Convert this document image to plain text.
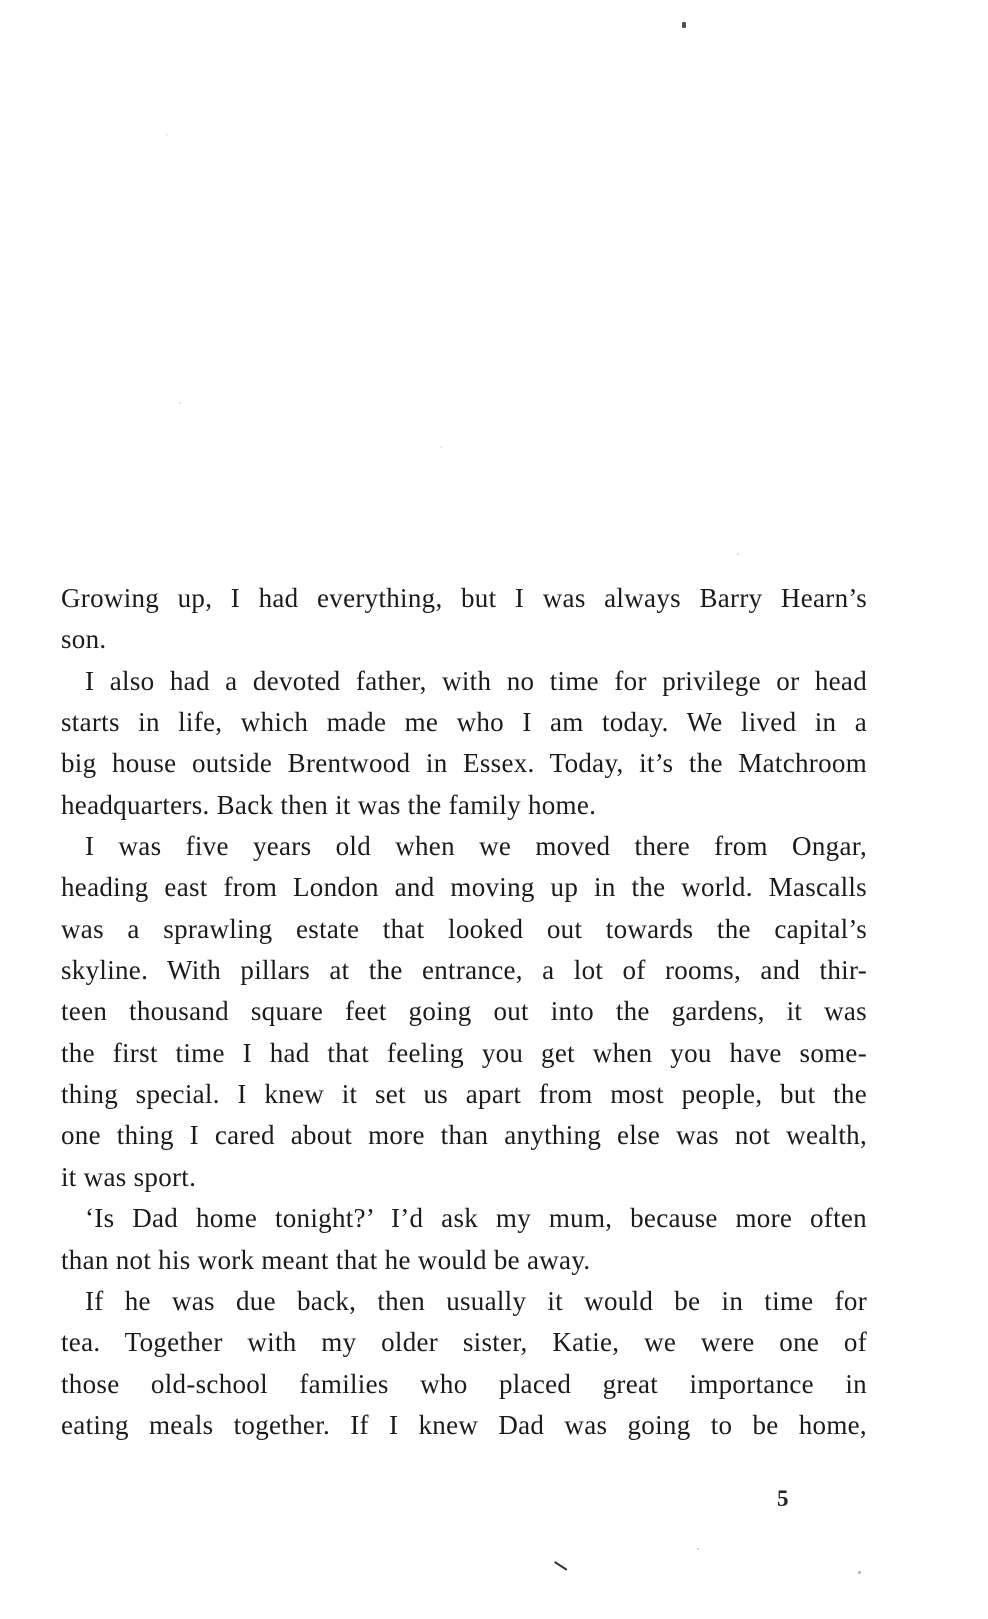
Growing up, I had everything, but I was always Barry Hearn’s
son.

I also had a devoted father, with no time for privilege or head
starts in life, which made me who I am today. We lived in a
big house outside Brentwood in Essex. Today, it’s the Matchroom
headquarters. Back then it was the family home.

I was five years old when we moved there from Ongar,
heading east from London and moving up in the world. Mascalls
was a sprawling estate that looked out towards the capital’s
skyline. With pillars at the entrance, a lot of rooms, and thir-
teen thousand square feet going out into the gardens, it was
the first time I had that feeling you get when you have some-
thing special. I knew it set us apart from most people, but the
one thing I cared about more than anything else was not wealth,
it was sport.

‘Is Dad home tonight?’ I’d ask my mum, because more often
than not his work meant that he would be away.

If he was due back, then usually it would be in time for
tea. Together with my older sister, Katie, we were one of
those old-school families who placed great importance in
eating meals together. If I knew Dad was going to be home,

5
